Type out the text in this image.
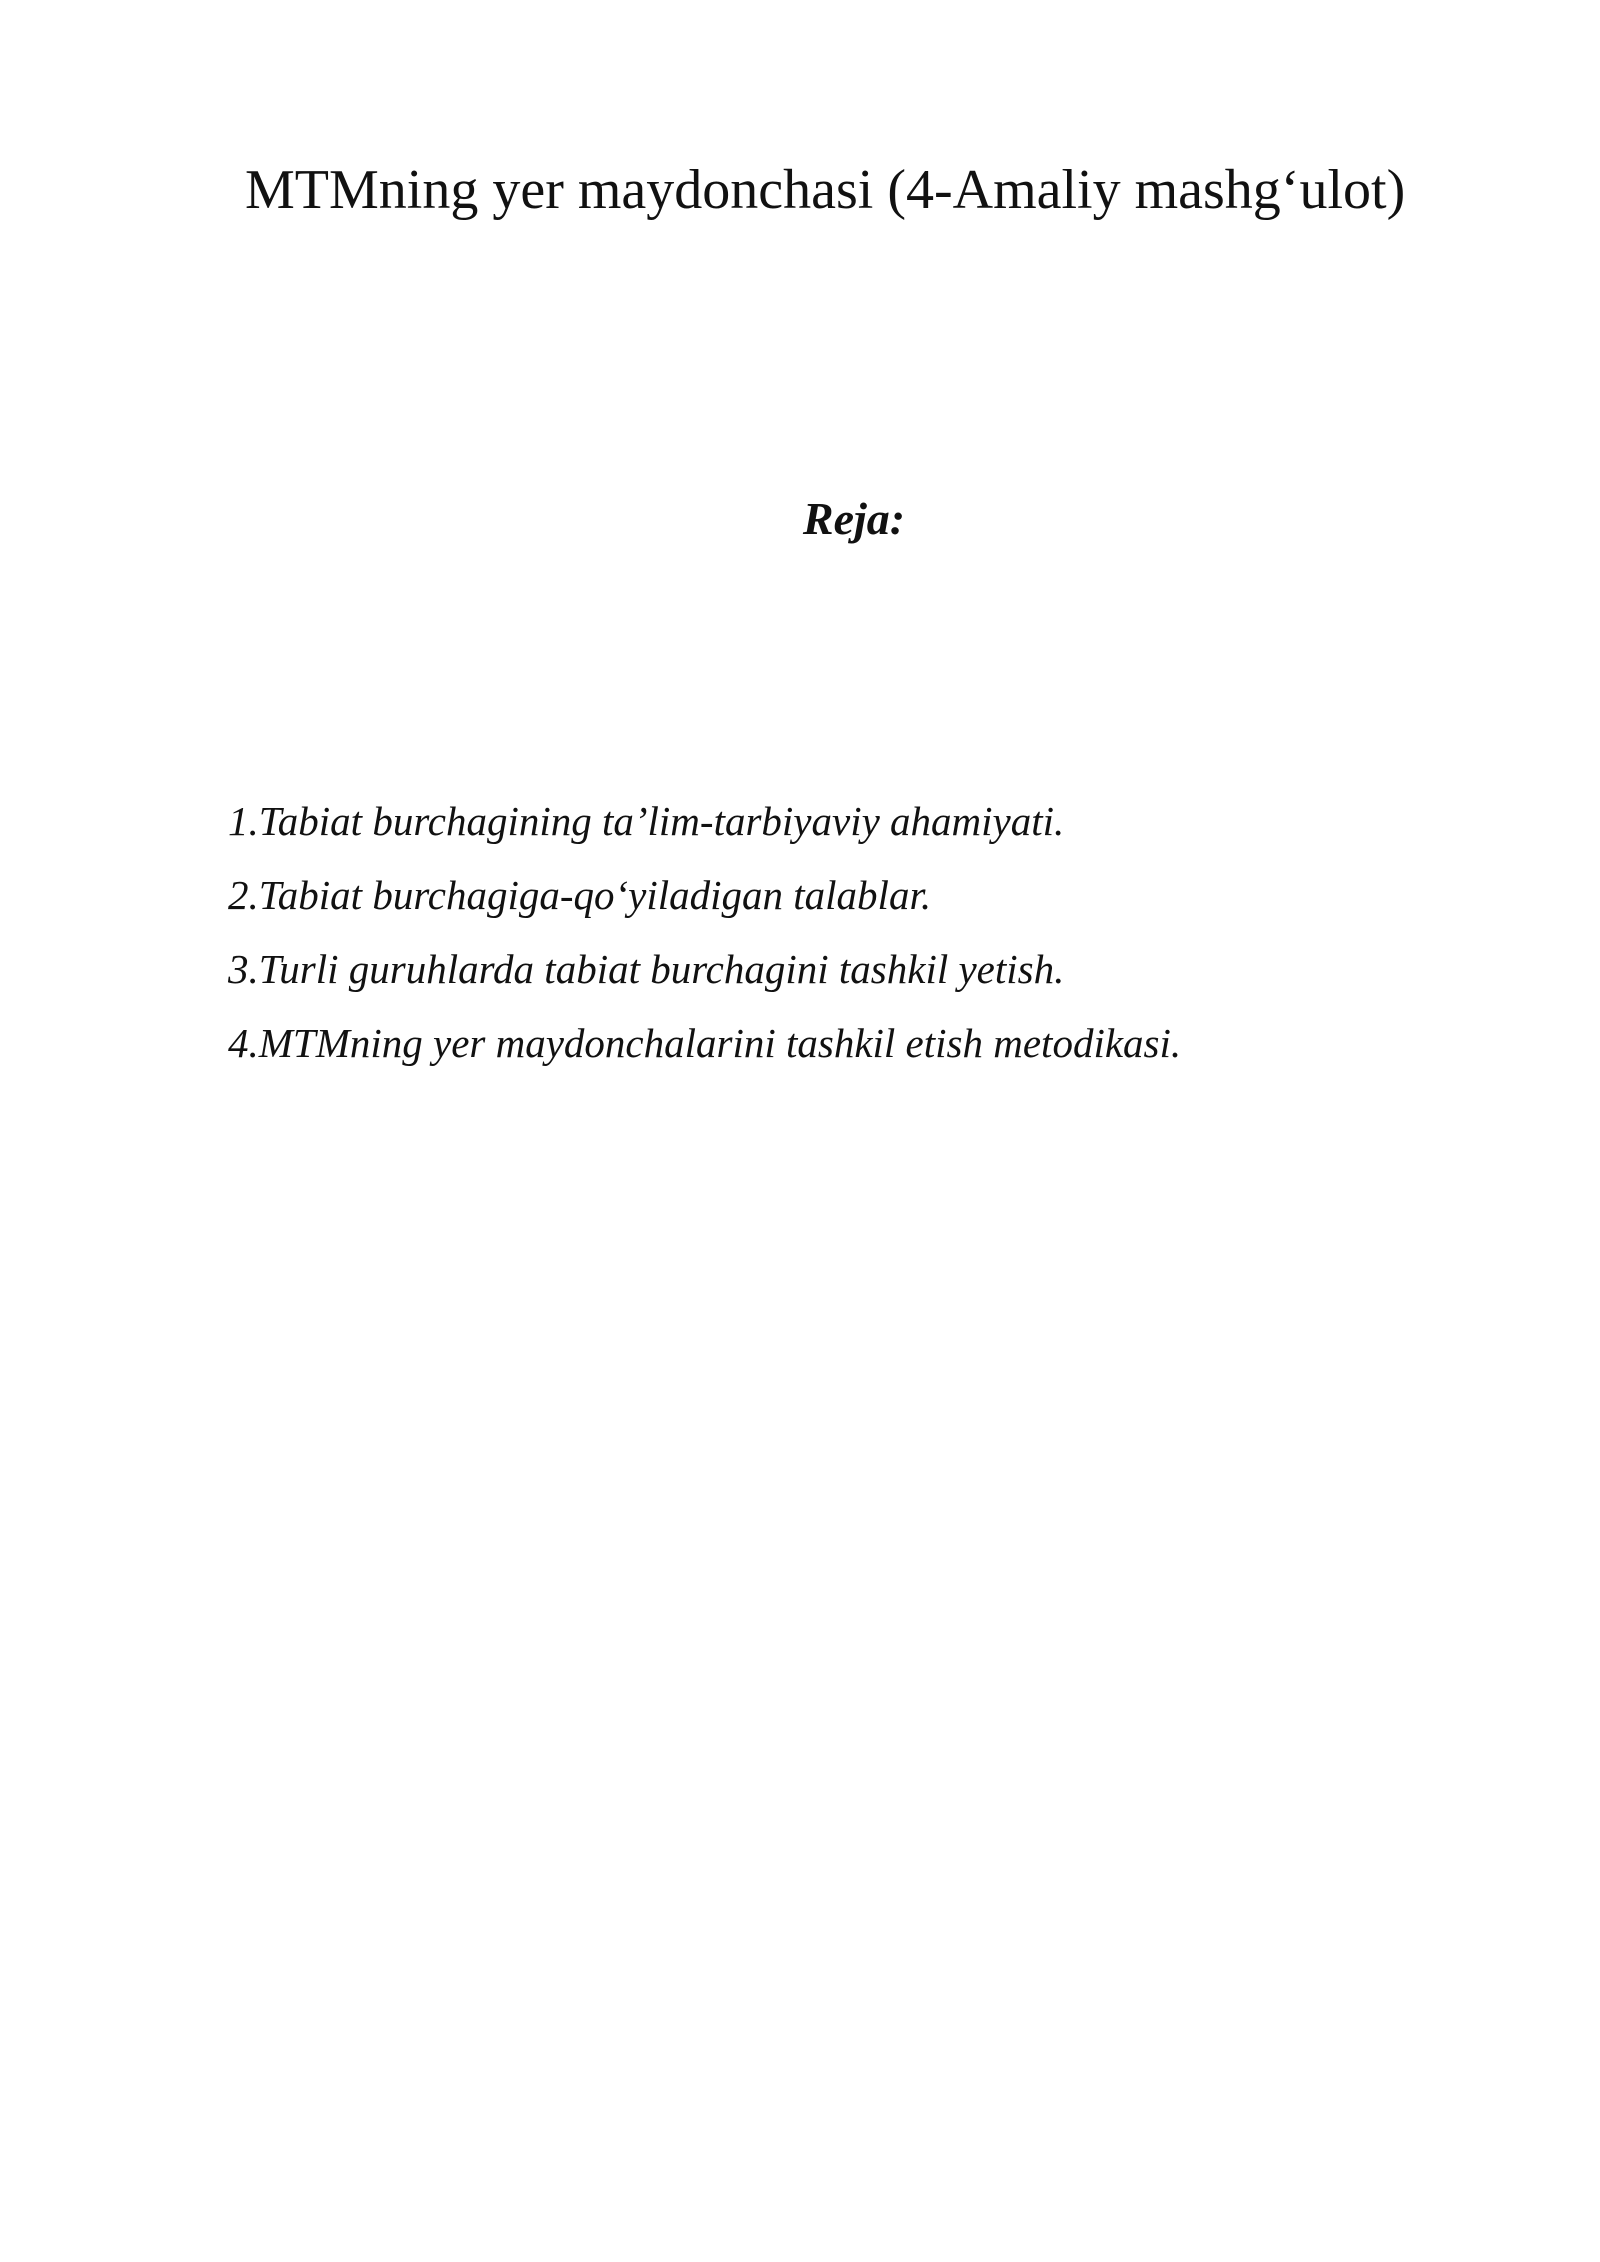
MTMning yer maydonchasi (4-Amaliy mashg‘ulot)
Reja:
1.Tabiat burchagining ta’lim-tarbiyaviy ahamiyati.
2.Tabiat burchagiga-qo‘yiladigan talablar.
3.Turli guruhlarda tabiat burchagini tashkil yetish.
4.MTMning yer maydonchalarini tashkil etish metodikasi.
